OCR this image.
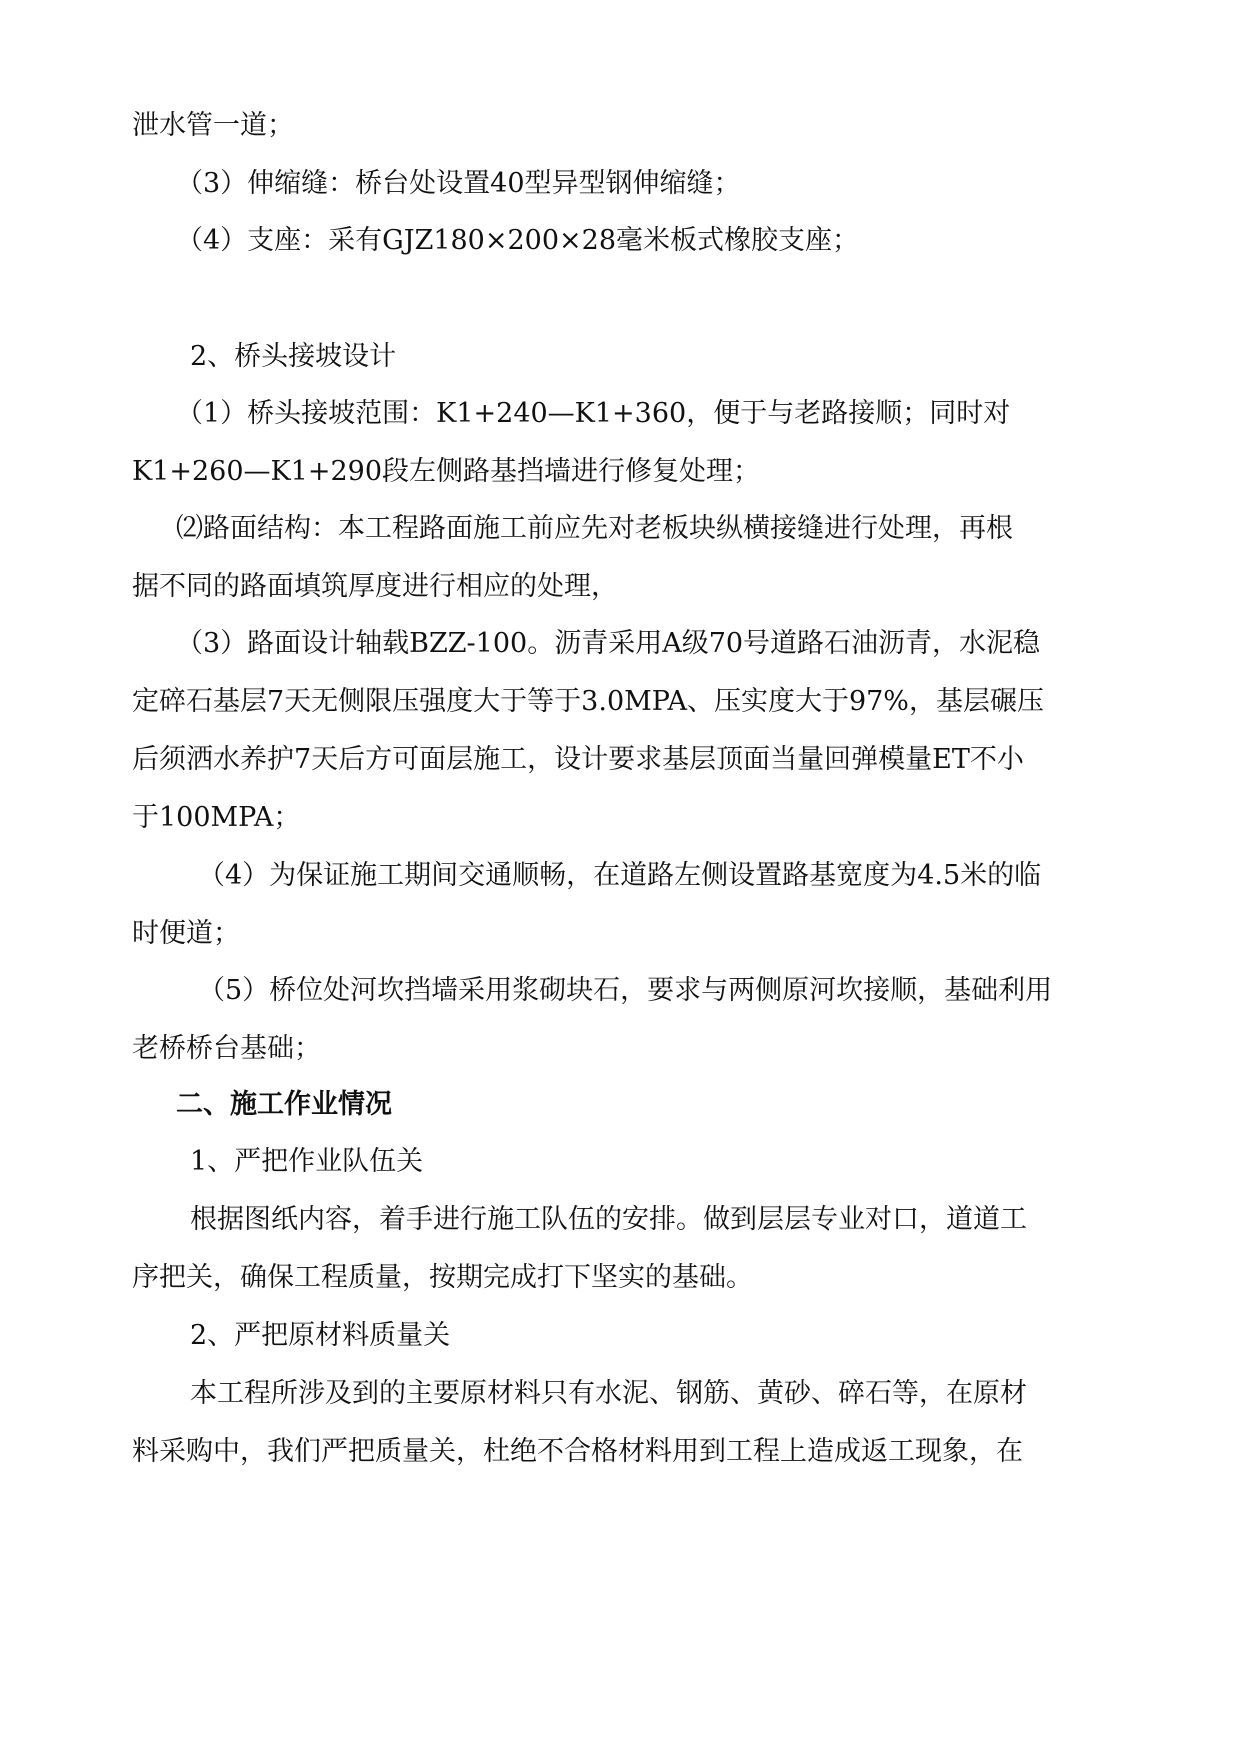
泄水管一道；
（3）伸缩缝：桥台处设置40型异型钢伸缩缝；
（4）支座：采有GJZ180×200×28毫米板式橡胶支座；
2、桥头接坡设计
（1）桥头接坡范围：K1+240—K1+360，便于与老路接顺；同时对
K1+260—K1+290段左侧路基挡墙进行修复处理；
⑵路面结构：本工程路面施工前应先对老板块纵横接缝进行处理，再根
据不同的路面填筑厚度进行相应的处理，
（3）路面设计轴载BZZ-100。沥青采用A级70号道路石油沥青，水泥稳
定碎石基层7天无侧限压强度大于等于3.0MPA、压实度大于97%，基层碾压
后须洒水养护7天后方可面层施工，设计要求基层顶面当量回弹模量ET不小
于100MPA；
（4）为保证施工期间交通顺畅，在道路左侧设置路基宽度为4.5米的临
时便道；
（5）桥位处河坎挡墙采用浆砌块石，要求与两侧原河坎接顺，基础利用
老桥桥台基础；
二、施工作业情况
1、严把作业队伍关
根据图纸内容，着手进行施工队伍的安排。做到层层专业对口，道道工
序把关，确保工程质量，按期完成打下坚实的基础。
2、严把原材料质量关
本工程所涉及到的主要原材料只有水泥、钢筋、黄砂、碎石等，在原材
料采购中，我们严把质量关，杜绝不合格材料用到工程上造成返工现象，在
